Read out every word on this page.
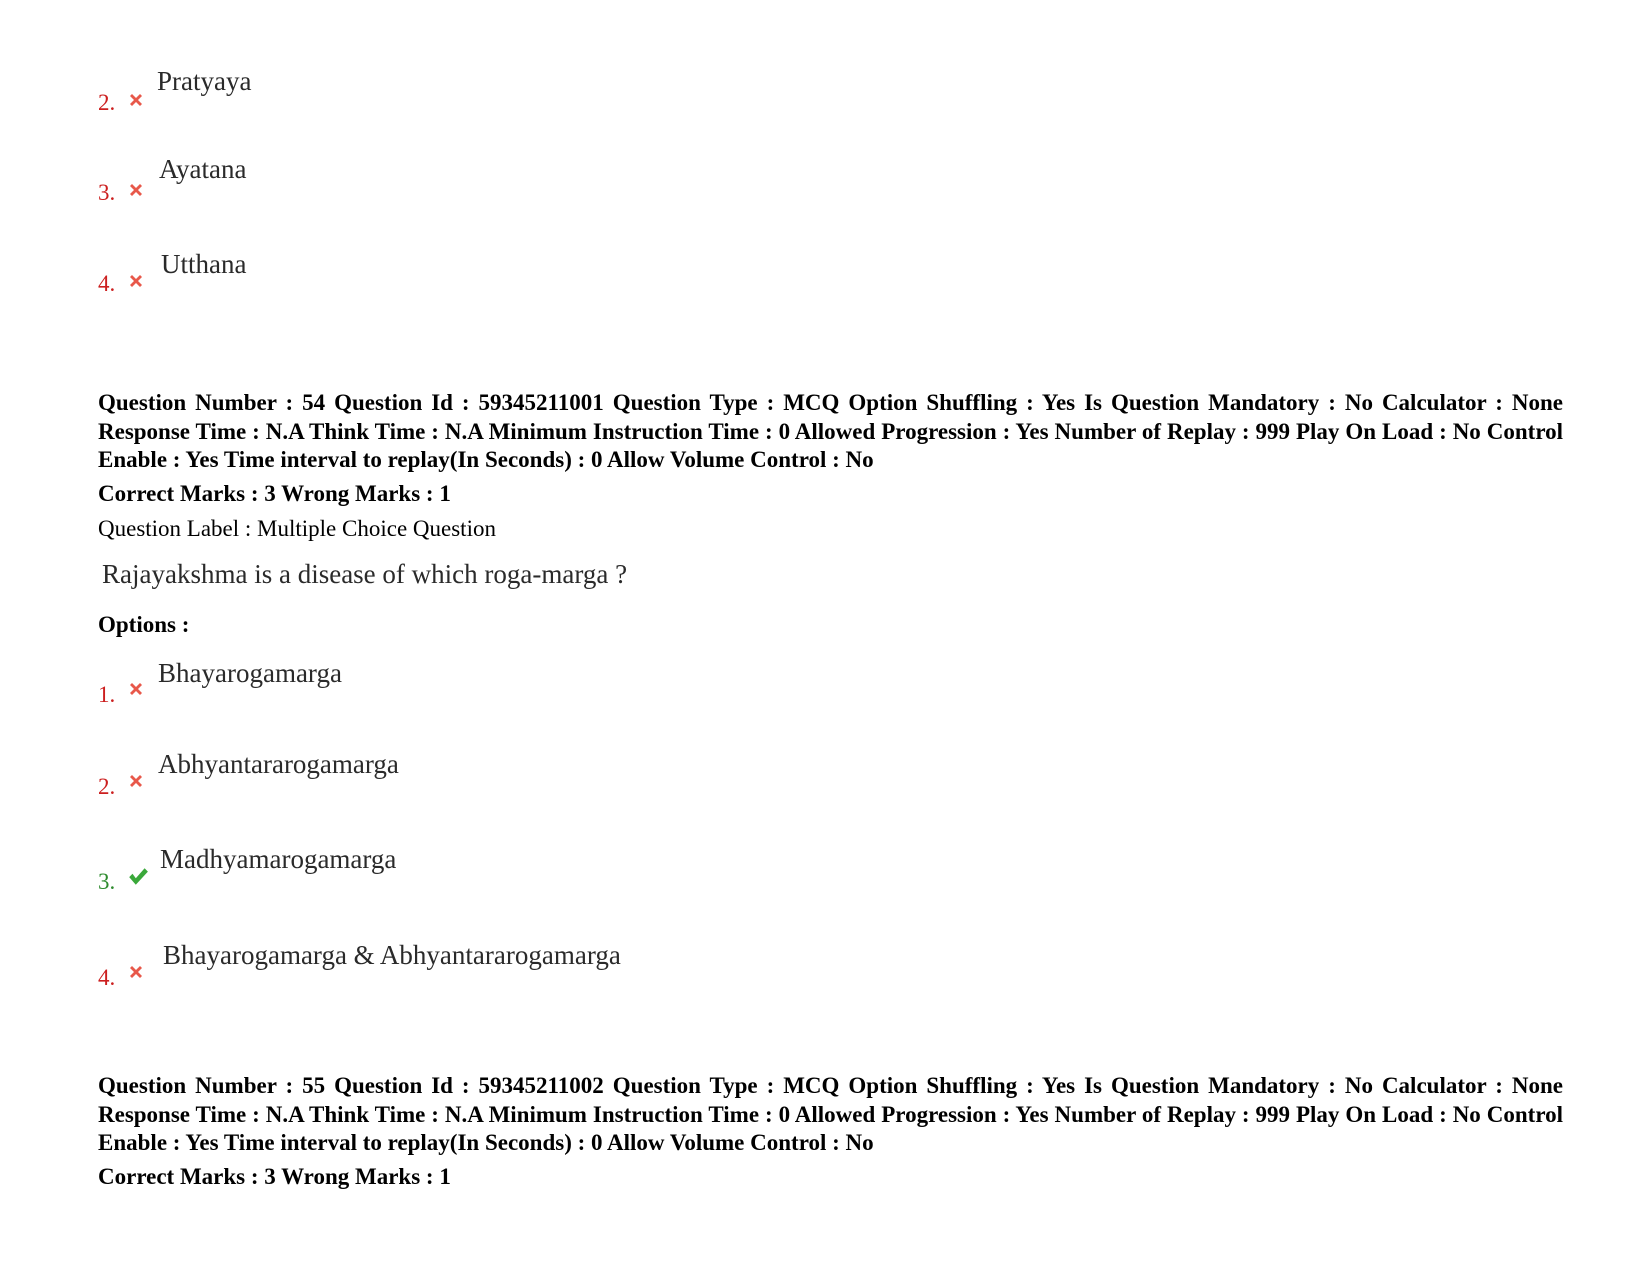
2.
Pratyaya
3.
Ayatana
4.
Utthana
Question Number : 54 Question Id : 59345211001 Question Type : MCQ Option Shuffling : Yes Is Question Mandatory : No Calculator : None Response Time : N.A Think Time : N.A Minimum Instruction Time : 0 Allowed Progression : Yes Number of Replay : 999 Play On Load : No Control Enable : Yes Time interval to replay(In Seconds) : 0 Allow Volume Control : No
Correct Marks : 3 Wrong Marks : 1
Question Label : Multiple Choice Question
Rajayakshma is a disease of which roga-marga ?
Options :
1.
Bhayarogamarga
2.
Abhyantararogamarga
3.
Madhyamarogamarga
4.
Bhayarogamarga & Abhyantararogamarga
Question Number : 55 Question Id : 59345211002 Question Type : MCQ Option Shuffling : Yes Is Question Mandatory : No Calculator : None Response Time : N.A Think Time : N.A Minimum Instruction Time : 0 Allowed Progression : Yes Number of Replay : 999 Play On Load : No Control Enable : Yes Time interval to replay(In Seconds) : 0 Allow Volume Control : No
Correct Marks : 3 Wrong Marks : 1
